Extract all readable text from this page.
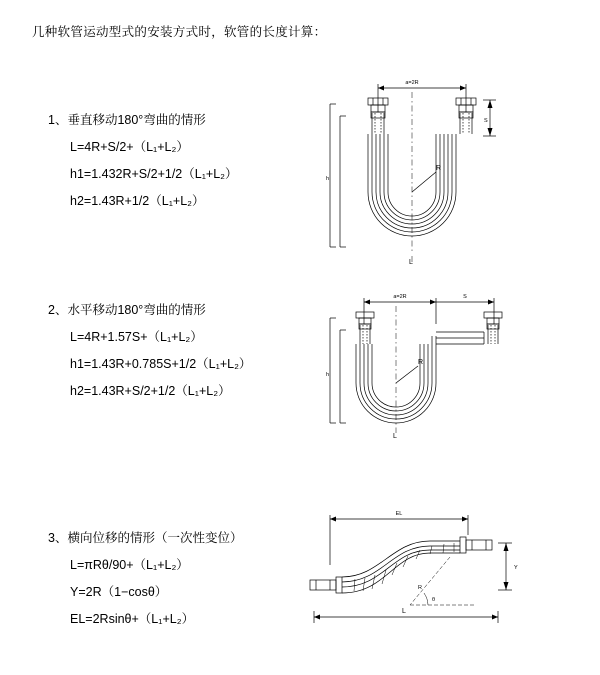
几种软管运动型式的安装方式时，软管的长度计算：
1、垂直移动180°弯曲的情形
L=4R+S/2+（L₁+L₂）
h1=1.432R+S/2+1/2（L₁+L₂）
h2=1.43R+1/2（L₁+L₂）
2、水平移动180°弯曲的情形
L=4R+1.57S+（L₁+L₂）
h1=1.43R+0.785S+1/2（L₁+L₂）
h2=1.43R+S/2+1/2（L₁+L₂）
3、横向位移的情形（一次性变位）
L=πRθ/90+（L₁+L₂）
Y=2R（1−cosθ）
EL=2Rsinθ+（L₁+L₂）
a=2R
S
h
R
L
a=2R	S
h
R
L
EL
Y
L
θ
R
